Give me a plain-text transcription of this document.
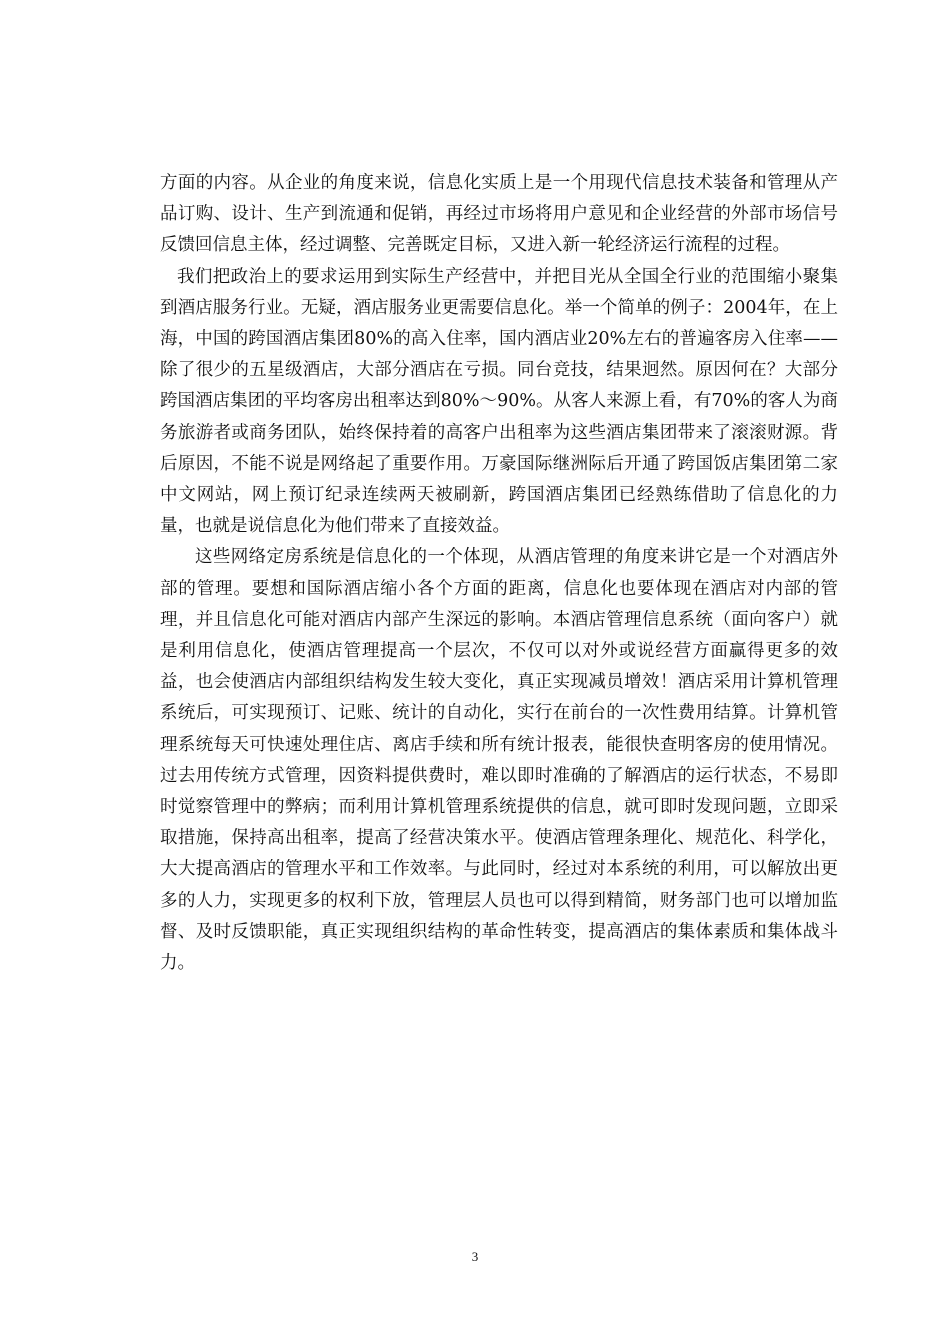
方面的内容。从企业的角度来说，信息化实质上是一个用现代信息技术装备和管理从产品订购、设计、生产到流通和促销，再经过市场将用户意见和企业经营的外部市场信号反馈回信息主体，经过调整、完善既定目标，又进入新一轮经济运行流程的过程。

我们把政治上的要求运用到实际生产经营中，并把目光从全国全行业的范围缩小聚集到酒店服务行业。无疑，酒店服务业更需要信息化。举一个简单的例子：2004年，在上海，中国的跨国酒店集团80%的高入住率，国内酒店业20%左右的普遍客房入住率——除了很少的五星级酒店，大部分酒店在亏损。同台竞技，结果迥然。原因何在？大部分跨国酒店集团的平均客房出租率达到80%～90%。从客人来源上看，有70%的客人为商务旅游者或商务团队，始终保持着的高客户出租率为这些酒店集团带来了滚滚财源。背后原因，不能不说是网络起了重要作用。万豪国际继洲际后开通了跨国饭店集团第二家中文网站，网上预订纪录连续两天被刷新，跨国酒店集团已经熟练借助了信息化的力量，也就是说信息化为他们带来了直接效益。

这些网络定房系统是信息化的一个体现，从酒店管理的角度来讲它是一个对酒店外部的管理。要想和国际酒店缩小各个方面的距离，信息化也要体现在酒店对内部的管理，并且信息化可能对酒店内部产生深远的影响。本酒店管理信息系统（面向客户）就是利用信息化，使酒店管理提高一个层次，不仅可以对外或说经营方面赢得更多的效益，也会使酒店内部组织结构发生较大变化，真正实现减员增效！酒店采用计算机管理系统后，可实现预订、记账、统计的自动化，实行在前台的一次性费用结算。计算机管理系统每天可快速处理住店、离店手续和所有统计报表，能很快查明客房的使用情况。过去用传统方式管理，因资料提供费时，难以即时准确的了解酒店的运行状态，不易即时觉察管理中的弊病；而利用计算机管理系统提供的信息，就可即时发现问题，立即采取措施，保持高出租率，提高了经营决策水平。使酒店管理条理化、规范化、科学化，大大提高酒店的管理水平和工作效率。与此同时，经过对本系统的利用，可以解放出更多的人力，实现更多的权利下放，管理层人员也可以得到精简，财务部门也可以增加监督、及时反馈职能，真正实现组织结构的革命性转变，提高酒店的集体素质和集体战斗力。

3
